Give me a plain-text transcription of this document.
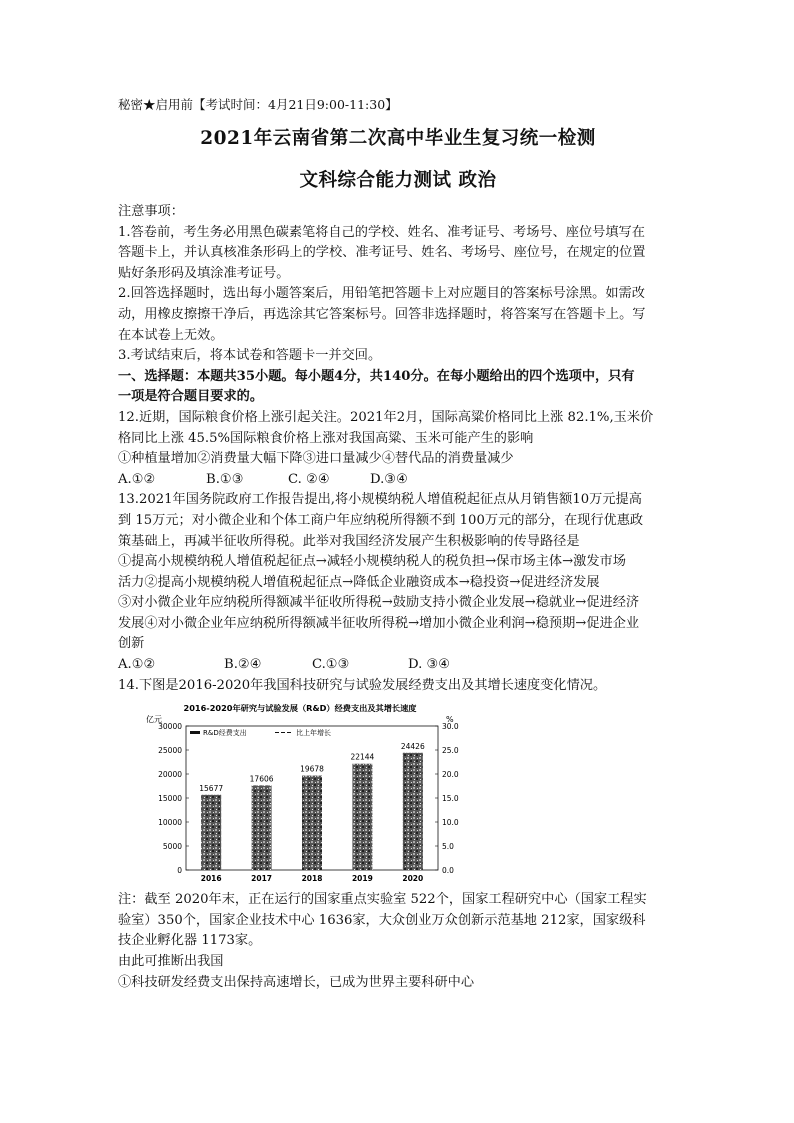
秘密★启用前【考试时间：4月21日9:00-11:30】
2021年云南省第二次高中毕业生复习统一检测
文科综合能力测试 政治
注意事项：
1.答卷前，考生务必用黑色碳素笔将自己的学校、姓名、准考证号、考场号、座位号填写在
答题卡上，并认真核准条形码上的学校、准考证号、姓名、考场号、座位号，在规定的位置
贴好条形码及填涂准考证号。
2.回答选择题时，选出每小题答案后，用铅笔把答题卡上对应题目的答案标号涂黑。如需改
动，用橡皮擦擦干净后，再选涂其它答案标号。回答非选择题时，将答案写在答题卡上。写
在本试卷上无效。
3.考试结束后，将本试卷和答题卡一并交回。
一、选择题：本题共35小题。每小题4分，共140分。在每小题给出的四个选项中，只有
一项是符合题目要求的。
12.近期，国际粮食价格上涨引起关注。2021年2月，国际高粱价格同比上涨 82.1%,玉米价
格同比上涨 45.5%国际粮食价格上涨对我国高粱、玉米可能产生的影响
①种植量增加②消费量大幅下降③进口量减少④替代品的消费量减少
A.①②	B.①③	C. ②④	D.③④
13.2021年国务院政府工作报告提出,将小规模纳税人增值税起征点从月销售额10万元提高
到 15万元；对小微企业和个体工商户年应纳税所得额不到 100万元的部分，在现行优惠政
策基础上，再减半征收所得税。此举对我国经济发展产生积极影响的传导路径是
①提高小规模纳税人增值税起征点→减轻小规模纳税人的税负担→保市场主体→激发市场
活力②提高小规模纳税人增值税起征点→降低企业融资成本→稳投资→促进经济发展
③对小微企业年应纳税所得额减半征收所得税→鼓励支持小微企业发展→稳就业→促进经济
发展④对小微企业年应纳税所得额减半征收所得税→增加小微企业利润→稳预期→促进企业
创新
A.①②	B.②④	C.①③	D. ③④
14.下图是2016-2020年我国科技研究与试验发展经费支出及其增长速度变化情况。
2016-2020年研究与试验发展（R&D）经费支出及其增长速度
亿元	%
0
5000
10000
15000
20000
25000
30000
0.0
5.0
10.0
15.0
20.0
25.0
30.0
15677
2016
17606
2017
19678
2018
22144
2019
24426
2020
R&D经费支出	比上年增长
注：截至 2020年末，正在运行的国家重点实验室 522个，国家工程研究中心（国家工程实
验室）350个，国家企业技术中心 1636家，大众创业万众创新示范基地 212家，国家级科
技企业孵化器 1173家。
由此可推断出我国
①科技研发经费支出保持高速增长，已成为世界主要科研中心
